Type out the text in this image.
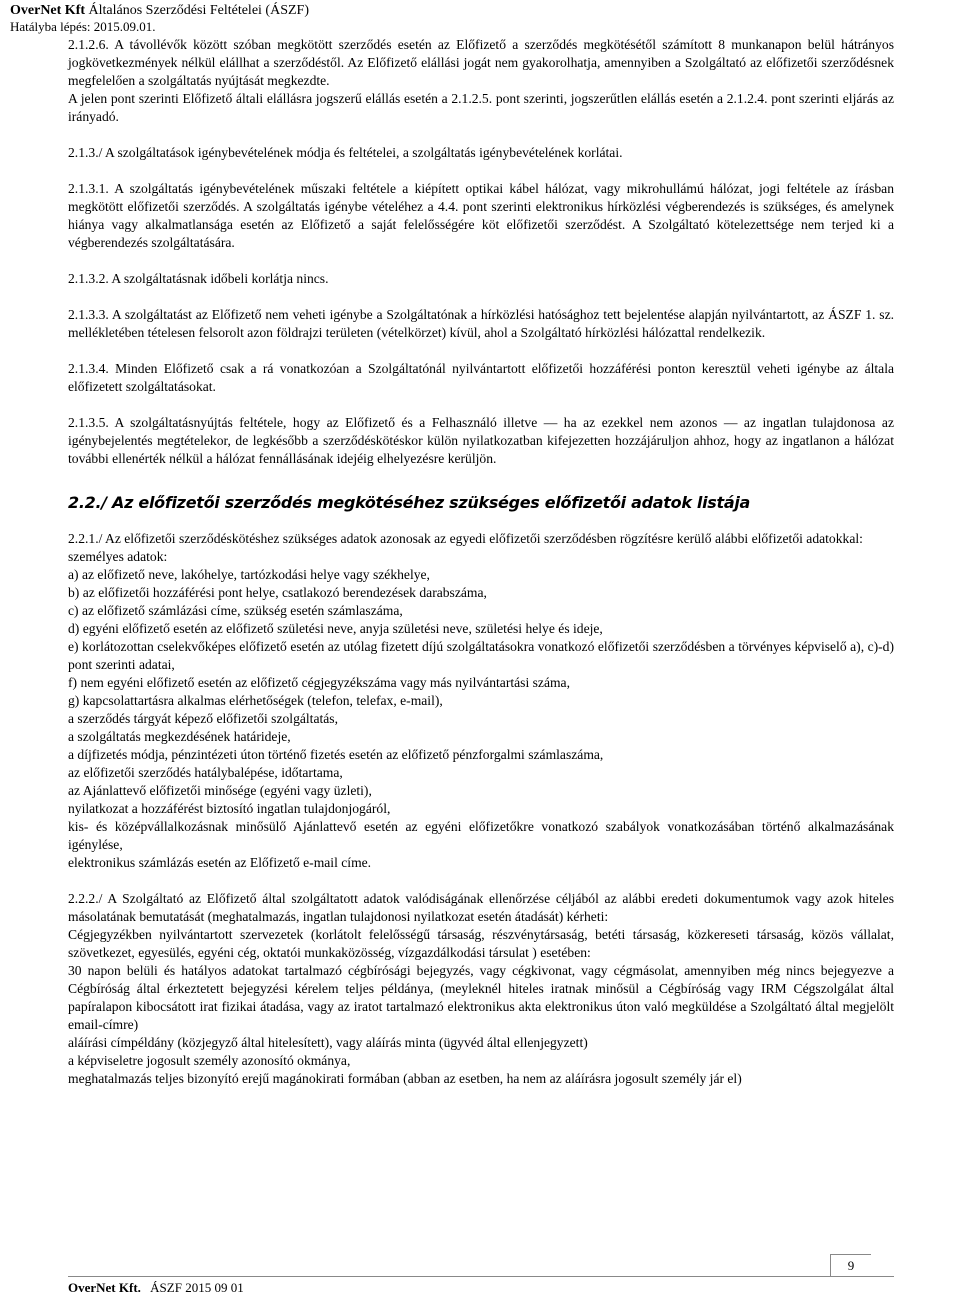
OverNet Kft Általános Szerződési Feltételei (ÁSZF)
Hatályba lépés: 2015.09.01.

2.1.2.6. A távollévők között szóban megkötött szerződés esetén az Előfizető a szerződés megkötésétől számított 8 munkanapon belül hátrányos jogkövetkezmények nélkül elállhat a szerződéstől. Az Előfizető elállási jogát nem gyakorolhatja, amennyiben a Szolgáltató az előfizetői szerződésnek megfelelően a szolgáltatás nyújtását megkezdte.

A jelen pont szerinti Előfizető általi elállásra jogszerű elállás esetén a 2.1.2.5. pont szerinti, jogszerűtlen elállás esetén a 2.1.2.4. pont szerinti eljárás az irányadó.

2.1.3./ A szolgáltatások igénybevételének módja és feltételei, a szolgáltatás igénybevételének korlátai.

2.1.3.1. A szolgáltatás igénybevételének műszaki feltétele a kiépített optikai kábel hálózat, vagy mikrohullámú hálózat, jogi feltétele az írásban megkötött előfizetői szerződés. A szolgáltatás igénybe vételéhez a 4.4. pont szerinti elektronikus hírközlési végberendezés is szükséges, és amelynek hiánya vagy alkalmatlansága esetén az Előfizető a saját felelősségére köt előfizetői szerződést. A Szolgáltató kötelezettsége nem terjed ki a végberendezés szolgáltatására.

2.1.3.2. A szolgáltatásnak időbeli korlátja nincs.

2.1.3.3. A szolgáltatást az Előfizető nem veheti igénybe a Szolgáltatónak a hírközlési hatósághoz tett bejelentése alapján nyilvántartott, az ÁSZF 1. sz. mellékletében tételesen felsorolt azon földrajzi területen (vételkörzet) kívül, ahol a Szolgáltató hírközlési hálózattal rendelkezik.

2.1.3.4. Minden Előfizető csak a rá vonatkozóan a Szolgáltatónál nyilvántartott előfizetői hozzáférési ponton keresztül veheti igénybe az általa előfizetett szolgáltatásokat.

2.1.3.5. A szolgáltatásnyújtás feltétele, hogy az Előfizető és a Felhasználó illetve — ha az ezekkel nem azonos — az ingatlan tulajdonosa az igénybejelentés megtételekor, de legkésőbb a szerződéskötéskor külön nyilatkozatban kifejezetten hozzájáruljon ahhoz, hogy az ingatlanon a hálózat további ellenérték nélkül a hálózat fennállásának idejéig elhelyezésre kerüljön.

2.2./ Az előfizetői szerződés megkötéséhez szükséges előfizetői adatok listája

2.2.1./ Az előfizetői szerződéskötéshez szükséges adatok azonosak az egyedi előfizetői szerződésben rögzítésre kerülő alábbi előfizetői adatokkal:

személyes adatok:

a) az előfizető neve, lakóhelye, tartózkodási helye vagy székhelye,

b) az előfizetői hozzáférési pont helye, csatlakozó berendezések darabszáma,

c) az előfizető számlázási címe, szükség esetén számlaszáma,

d) egyéni előfizető esetén az előfizető születési neve, anyja születési neve, születési helye és ideje,

e) korlátozottan cselekvőképes előfizető esetén az utólag fizetett díjú szolgáltatásokra vonatkozó előfizetői szerződésben a törvényes képviselő a), c)-d) pont szerinti adatai,

f) nem egyéni előfizető esetén az előfizető cégjegyzékszáma vagy más nyilvántartási száma,

g) kapcsolattartásra alkalmas elérhetőségek (telefon, telefax, e-mail),

a szerződés tárgyát képező előfizetői szolgáltatás,

a szolgáltatás megkezdésének határideje,

a díjfizetés módja, pénzintézeti úton történő fizetés esetén az előfizető pénzforgalmi számlaszáma,

az előfizetői szerződés hatálybalépése, időtartama,

az Ajánlattevő előfizetői minősége (egyéni vagy üzleti),

nyilatkozat a hozzáférést biztosító ingatlan tulajdonjogáról,

kis- és középvállalkozásnak minősülő Ajánlattevő esetén az egyéni előfizetőkre vonatkozó szabályok vonatkozásában történő alkalmazásának igénylése,

elektronikus számlázás esetén az Előfizető e-mail címe.

2.2.2./ A Szolgáltató az Előfizető által szolgáltatott adatok valódiságának ellenőrzése céljából az alábbi eredeti dokumentumok vagy azok hiteles másolatának bemutatását (meghatalmazás, ingatlan tulajdonosi nyilatkozat esetén átadását) kérheti:

Cégjegyzékben nyilvántartott szervezetek (korlátolt felelősségű társaság, részvénytársaság, betéti társaság, közkereseti társaság, közös vállalat, szövetkezet, egyesülés, egyéni cég, oktatói munkaközösség, vízgazdálkodási társulat ) esetében:

30 napon belüli és hatályos adatokat tartalmazó cégbírósági bejegyzés, vagy cégkivonat, vagy cégmásolat, amennyiben még nincs bejegyezve a Cégbíróság által érkeztetett bejegyzési kérelem teljes példánya, (meyleknél hiteles iratnak minősül a Cégbíróság vagy IRM Cégszolgálat által papíralapon kibocsátott irat fizikai átadása, vagy az iratot tartalmazó elektronikus akta elektronikus úton való megküldése a Szolgáltató által megjelölt email-címre)

aláírási címpéldány (közjegyző által hitelesített), vagy aláírás minta (ügyvéd által ellenjegyzett)

a képviseletre jogosult személy azonosító okmánya,

meghatalmazás teljes bizonyító erejű magánokirati formában (abban az esetben, ha nem az aláírásra jogosult személy jár el)

9
OverNet Kft. ÁSZF 2015 09 01
